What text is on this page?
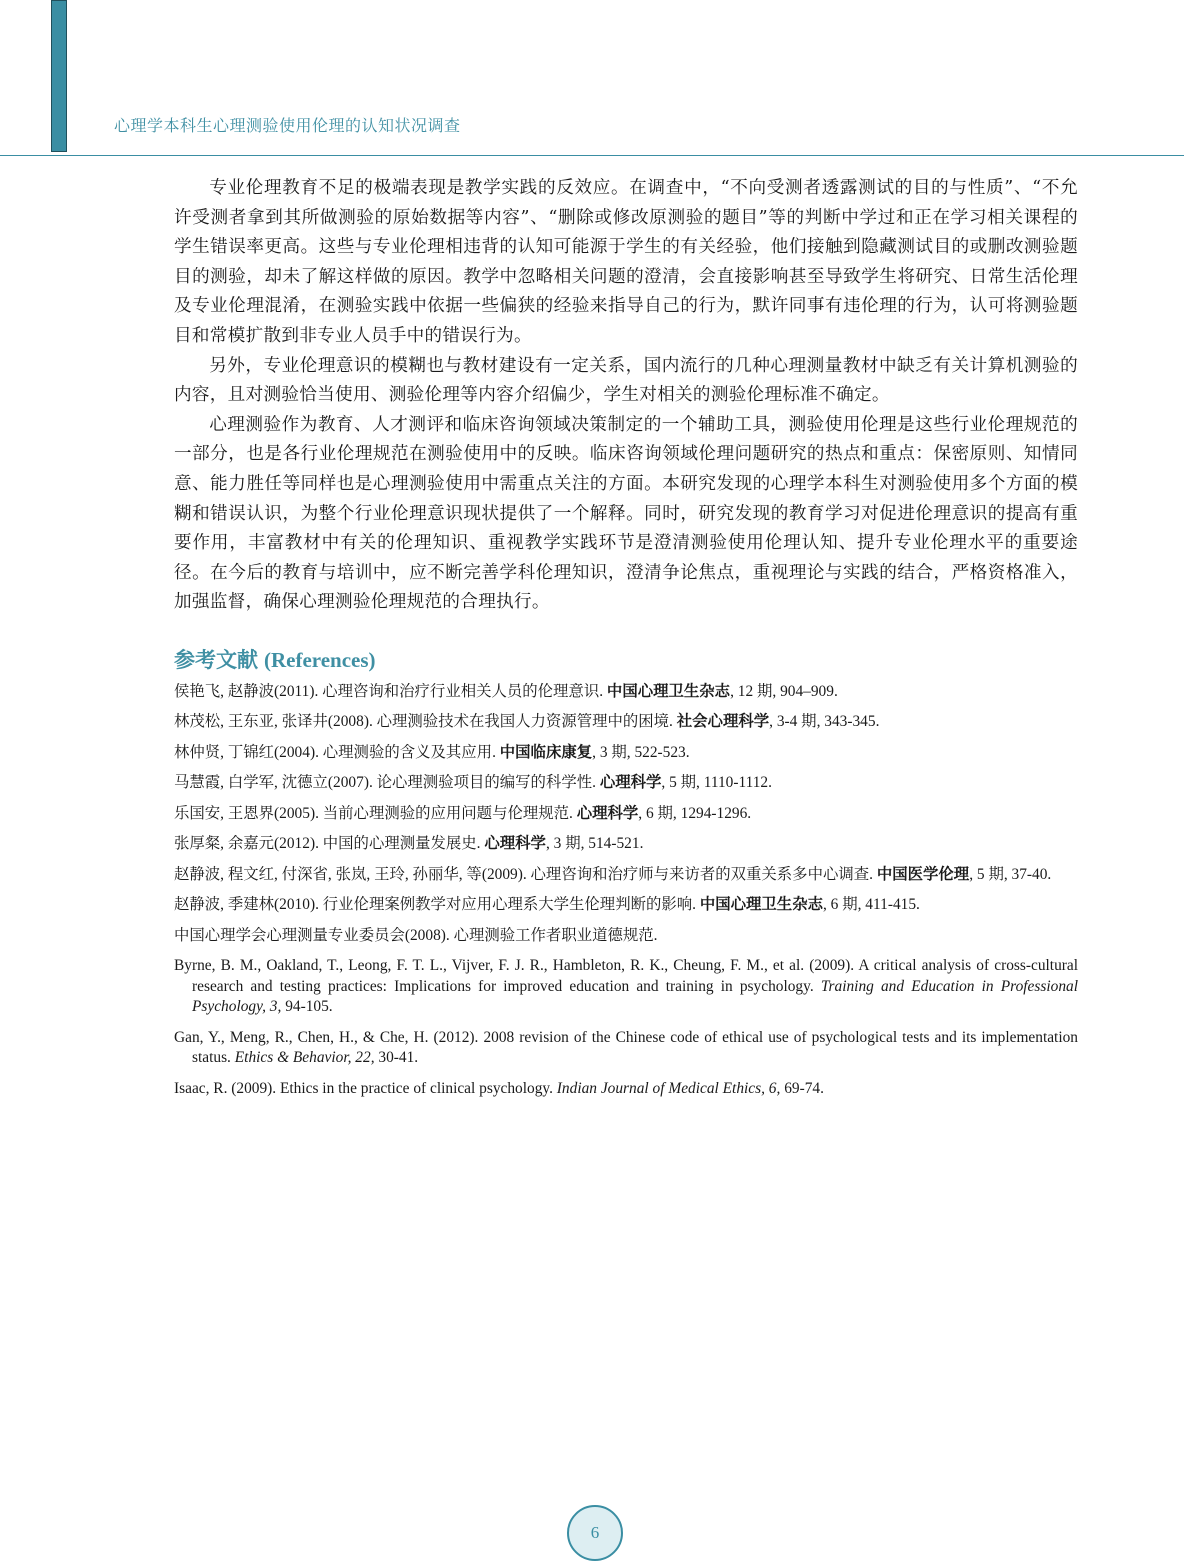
心理学本科生心理测验使用伦理的认知状况调查

专业伦理教育不足的极端表现是教学实践的反效应。在调查中，“不向受测者透露测试的目的与性质”、“不允许受测者拿到其所做测验的原始数据等内容”、“删除或修改原测验的题目”等的判断中学过和正在学习相关课程的学生错误率更高。这些与专业伦理相违背的认知可能源于学生的有关经验，他们接触到隐藏测试目的或删改测验题目的测验，却未了解这样做的原因。教学中忽略相关问题的澄清，会直接影响甚至导致学生将研究、日常生活伦理及专业伦理混淆，在测验实践中依据一些偏狭的经验来指导自己的行为，默许同事有违伦理的行为，认可将测验题目和常模扩散到非专业人员手中的错误行为。

另外，专业伦理意识的模糊也与教材建设有一定关系，国内流行的几种心理测量教材中缺乏有关计算机测验的内容，且对测验恰当使用、测验伦理等内容介绍偏少，学生对相关的测验伦理标准不确定。

心理测验作为教育、人才测评和临床咨询领域决策制定的一个辅助工具，测验使用伦理是这些行业伦理规范的一部分，也是各行业伦理规范在测验使用中的反映。临床咨询领域伦理问题研究的热点和重点：保密原则、知情同意、能力胜任等同样也是心理测验使用中需重点关注的方面。本研究发现的心理学本科生对测验使用多个方面的模糊和错误认识，为整个行业伦理意识现状提供了一个解释。同时，研究发现的教育学习对促进伦理意识的提高有重要作用，丰富教材中有关的伦理知识、重视教学实践环节是澄清测验使用伦理认知、提升专业伦理水平的重要途径。在今后的教育与培训中，应不断完善学科伦理知识，澄清争论焦点，重视理论与实践的结合，严格资格准入，加强监督，确保心理测验伦理规范的合理执行。

参考文献 (References)

侯艳飞, 赵静波(2011). 心理咨询和治疗行业相关人员的伦理意识. 中国心理卫生杂志, 12 期, 904–909.

林茂松, 王东亚, 张译井(2008). 心理测验技术在我国人力资源管理中的困境. 社会心理科学, 3-4 期, 343-345.

林仲贤, 丁锦红(2004). 心理测验的含义及其应用. 中国临床康复, 3 期, 522-523.

马慧霞, 白学军, 沈德立(2007). 论心理测验项目的编写的科学性. 心理科学, 5 期, 1110-1112.

乐国安, 王恩界(2005). 当前心理测验的应用问题与伦理规范. 心理科学, 6 期, 1294-1296.

张厚粲, 余嘉元(2012). 中国的心理测量发展史. 心理科学, 3 期, 514-521.

赵静波, 程文红, 付深省, 张岚, 王玲, 孙丽华, 等(2009). 心理咨询和治疗师与来访者的双重关系多中心调查. 中国医学伦理, 5 期, 37-40.

赵静波, 季建林(2010). 行业伦理案例教学对应用心理系大学生伦理判断的影响. 中国心理卫生杂志, 6 期, 411-415.

中国心理学会心理测量专业委员会(2008). 心理测验工作者职业道德规范.

Byrne, B. M., Oakland, T., Leong, F. T. L., Vijver, F. J. R., Hambleton, R. K., Cheung, F. M., et al. (2009). A critical analysis of cross-cultural research and testing practices: Implications for improved education and training in psychology. Training and Education in Professional Psychology, 3, 94-105.

Gan, Y., Meng, R., Chen, H., & Che, H. (2012). 2008 revision of the Chinese code of ethical use of psychological tests and its implementation status. Ethics & Behavior, 22, 30-41.

Isaac, R. (2009). Ethics in the practice of clinical psychology. Indian Journal of Medical Ethics, 6, 69-74.

6
